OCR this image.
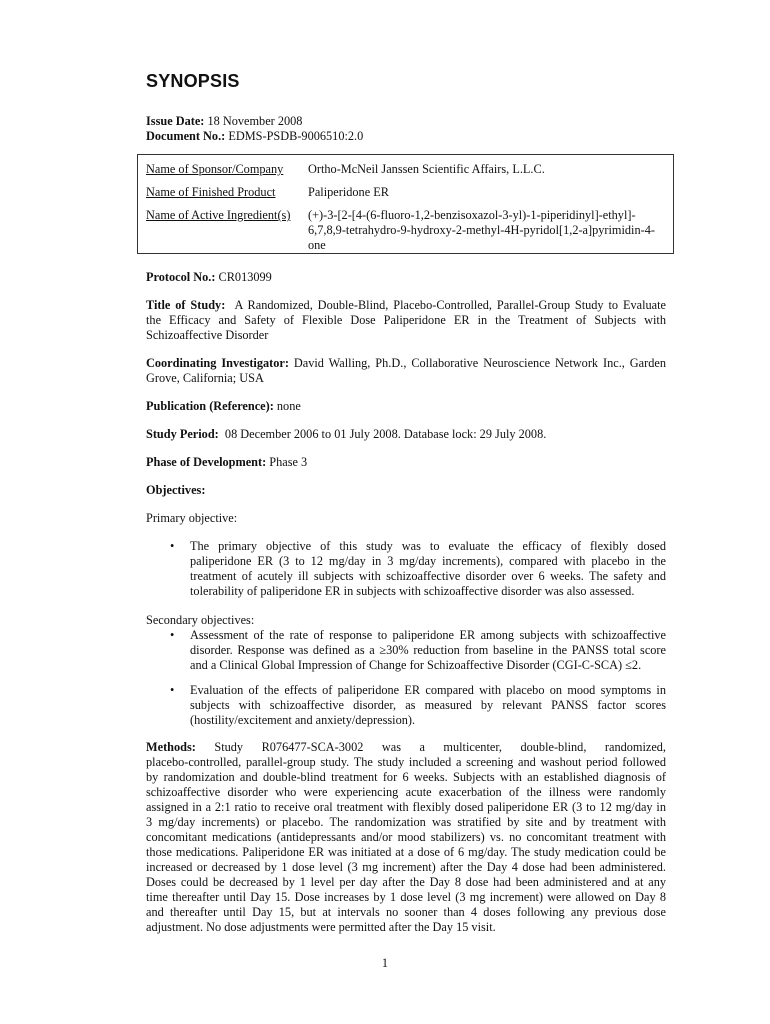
SYNOPSIS
Issue Date: 18 November 2008
Document No.: EDMS-PSDB-9006510:2.0
Name of Sponsor/Company	Ortho-McNeil Janssen Scientific Affairs, L.L.C.
Name of Finished Product	Paliperidone ER
Name of Active Ingredient(s)	(+)-3-[2-[4-(6-fluoro-1,2-benzisoxazol-3-yl)-1-piperidinyl]-ethyl]-
6,7,8,9-tetrahydro-9-hydroxy-2-methyl-4H-pyridol[1,2-a]pyrimidin-4-
one
Protocol No.: CR013099
Title of Study: A Randomized, Double-Blind, Placebo-Controlled, Parallel-Group Study to Evaluate
the Efficacy and Safety of Flexible Dose Paliperidone ER in the Treatment of Subjects with
Schizoaffective Disorder
Coordinating Investigator: David Walling, Ph.D., Collaborative Neuroscience Network Inc., Garden
Grove, California; USA
Publication (Reference): none
Study Period: 08 December 2006 to 01 July 2008. Database lock: 29 July 2008.
Phase of Development: Phase 3
Objectives:
Primary objective:
• The primary objective of this study was to evaluate the efficacy of flexibly dosed
paliperidone ER (3 to 12 mg/day in 3 mg/day increments), compared with placebo in the
treatment of acutely ill subjects with schizoaffective disorder over 6 weeks. The safety and
tolerability of paliperidone ER in subjects with schizoaffective disorder was also assessed.
Secondary objectives:
• Assessment of the rate of response to paliperidone ER among subjects with schizoaffective
disorder. Response was defined as a ≥30% reduction from baseline in the PANSS total score
and a Clinical Global Impression of Change for Schizoaffective Disorder (CGI-C-SCA) ≤2.
• Evaluation of the effects of paliperidone ER compared with placebo on mood symptoms in
subjects with schizoaffective disorder, as measured by relevant PANSS factor scores
(hostility/excitement and anxiety/depression).
Methods: Study R076477-SCA-3002 was a multicenter, double-blind, randomized,
placebo-controlled, parallel-group study. The study included a screening and washout period followed
by randomization and double-blind treatment for 6 weeks. Subjects with an established diagnosis of
schizoaffective disorder who were experiencing acute exacerbation of the illness were randomly
assigned in a 2:1 ratio to receive oral treatment with flexibly dosed paliperidone ER (3 to 12 mg/day in
3 mg/day increments) or placebo. The randomization was stratified by site and by treatment with
concomitant medications (antidepressants and/or mood stabilizers) vs. no concomitant treatment with
those medications. Paliperidone ER was initiated at a dose of 6 mg/day. The study medication could be
increased or decreased by 1 dose level (3 mg increment) after the Day 4 dose had been administered.
Doses could be decreased by 1 level per day after the Day 8 dose had been administered and at any
time thereafter until Day 15. Dose increases by 1 dose level (3 mg increment) were allowed on Day 8
and thereafter until Day 15, but at intervals no sooner than 4 doses following any previous dose
adjustment. No dose adjustments were permitted after the Day 15 visit.
1
